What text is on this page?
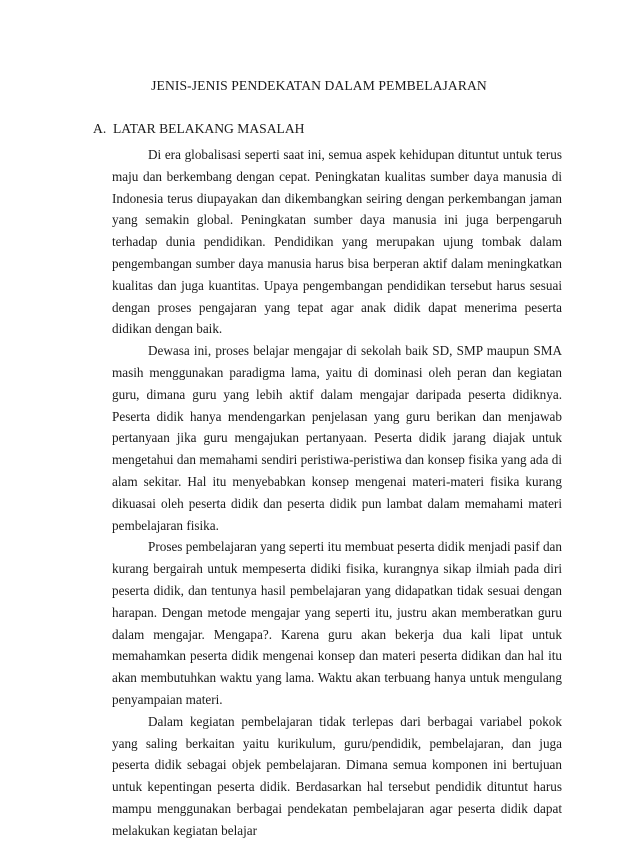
JENIS-JENIS PENDEKATAN DALAM PEMBELAJARAN
A. LATAR BELAKANG MASALAH

Di era globalisasi seperti saat ini, semua aspek kehidupan dituntut untuk terus maju dan berkembang dengan cepat. Peningkatan kualitas sumber daya manusia di Indonesia terus diupayakan dan dikembangkan seiring dengan perkembangan jaman yang semakin global. Peningkatan sumber daya manusia ini juga berpengaruh terhadap dunia pendidikan. Pendidikan yang merupakan ujung tombak dalam pengembangan sumber daya manusia harus bisa berperan aktif dalam meningkatkan kualitas dan juga kuantitas. Upaya pengembangan pendidikan tersebut harus sesuai dengan proses pengajaran yang tepat agar anak didik dapat menerima peserta didikan dengan baik.

Dewasa ini, proses belajar mengajar di sekolah baik SD, SMP maupun SMA masih menggunakan paradigma lama, yaitu di dominasi oleh peran dan kegiatan guru, dimana guru yang lebih aktif dalam mengajar daripada peserta didiknya. Peserta didik hanya mendengarkan penjelasan yang guru berikan dan menjawab pertanyaan jika guru mengajukan pertanyaan. Peserta didik jarang diajak untuk mengetahui dan memahami sendiri peristiwa-peristiwa dan konsep fisika yang ada di alam sekitar. Hal itu menyebabkan konsep mengenai materi-materi fisika kurang dikuasai oleh peserta didik dan peserta didik pun lambat dalam memahami materi pembelajaran fisika.

Proses pembelajaran yang seperti itu membuat peserta didik menjadi pasif dan kurang bergairah untuk mempeserta didiki fisika, kurangnya sikap ilmiah pada diri peserta didik, dan tentunya hasil pembelajaran yang didapatkan tidak sesuai dengan harapan. Dengan metode mengajar yang seperti itu, justru akan memberatkan guru dalam mengajar. Mengapa?. Karena guru akan bekerja dua kali lipat untuk memahamkan peserta didik mengenai konsep dan materi peserta didikan dan hal itu akan membutuhkan waktu yang lama. Waktu akan terbuang hanya untuk mengulang penyampaian materi.

Dalam kegiatan pembelajaran tidak terlepas dari berbagai variabel pokok yang saling berkaitan yaitu kurikulum, guru/pendidik, pembelajaran, dan juga peserta didik sebagai objek pembelajaran. Dimana semua komponen ini bertujuan untuk kepentingan peserta didik. Berdasarkan hal tersebut pendidik dituntut harus mampu menggunakan berbagai pendekatan pembelajaran agar peserta didik dapat melakukan kegiatan belajar
